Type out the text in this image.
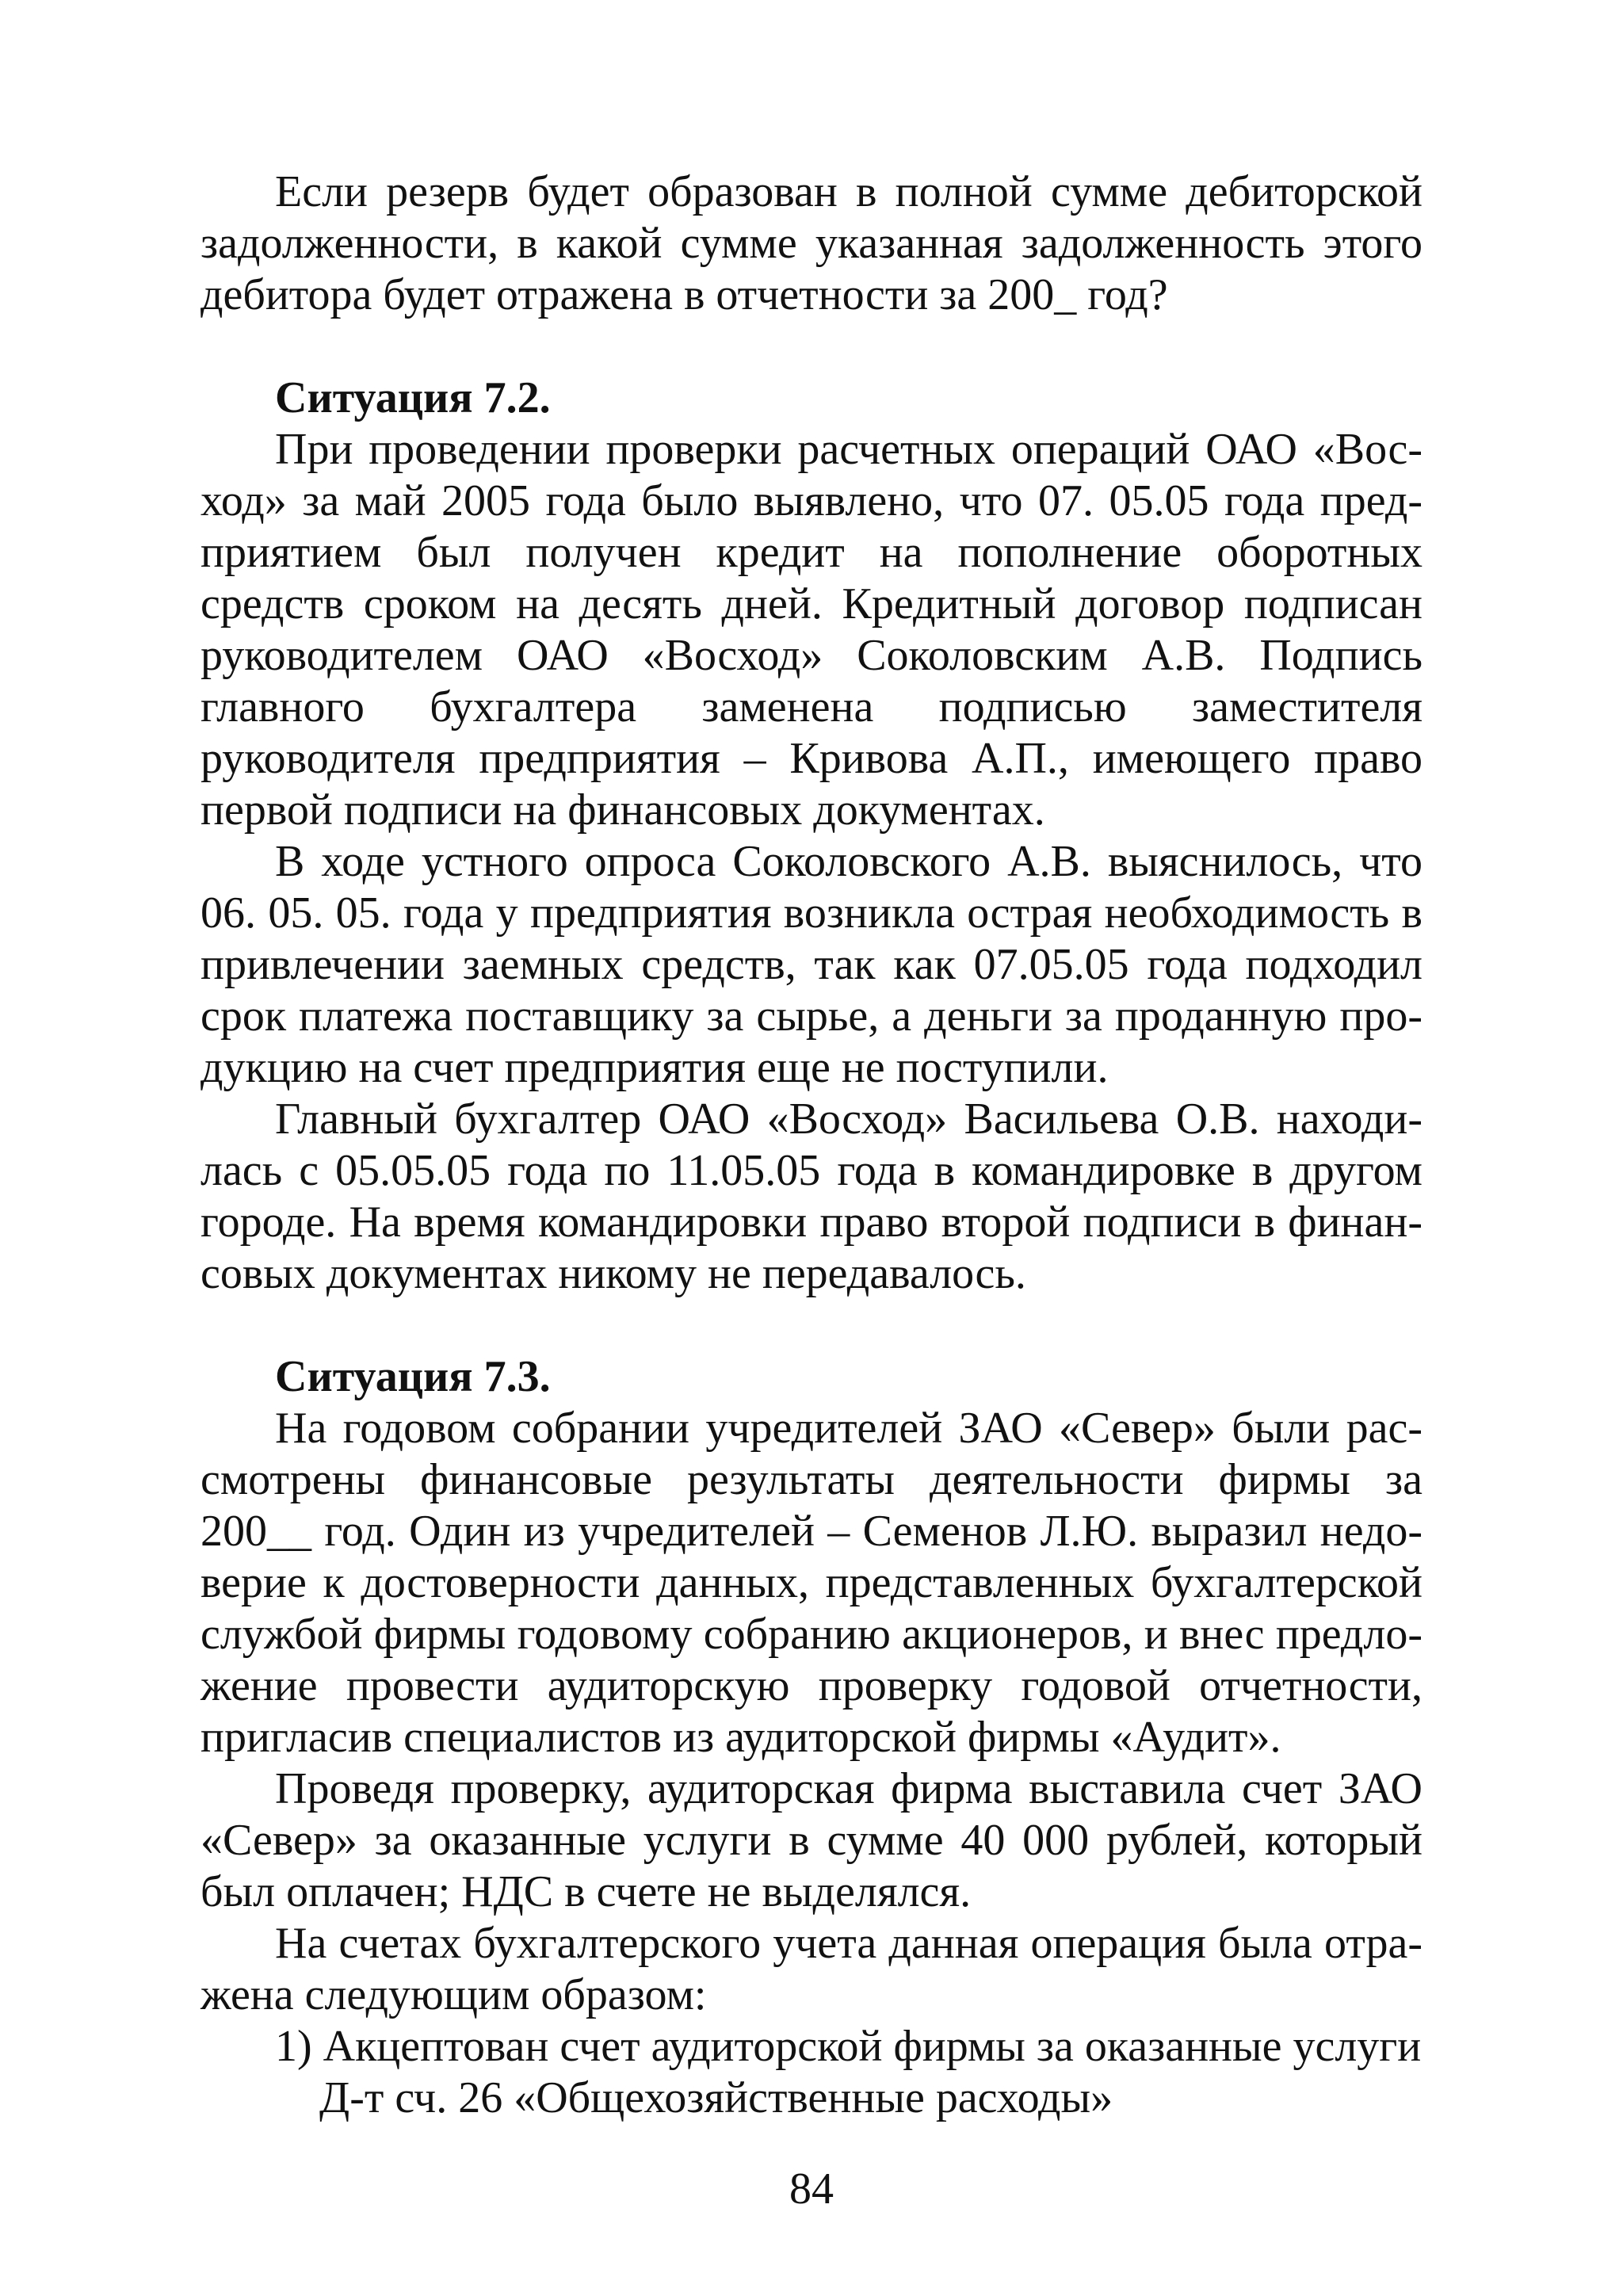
Если резерв будет образован в полной сумме дебиторской задолженности, в какой сумме указанная задолженность этого дебитора будет отражена в отчетности за 200_ год?

Ситуация 7.2.

При проведении проверки расчетных операций ОАО «Восход» за май 2005 года было выявлено, что 07. 05.05 года предприятием был получен кредит на пополнение оборотных средств сроком на десять дней. Кредитный договор подписан руководителем ОАО «Восход» Соколовским А.В. Подпись главного бухгалтера заменена подписью заместителя руководителя предприятия – Кривова А.П., имеющего право первой подписи на финансовых документах.

В ходе устного опроса Соколовского А.В. выяснилось, что 06. 05. 05. года у предприятия возникла острая необходимость в привлечении заемных средств, так как 07.05.05 года подходил срок платежа поставщику за сырье, а деньги за проданную продукцию на счет предприятия еще не поступили.

Главный бухгалтер ОАО «Восход» Васильева О.В. находилась с 05.05.05 года по 11.05.05 года в командировке в другом городе. На время командировки право второй подписи в финансовых документах никому не передавалось.

Ситуация 7.3.

На годовом собрании учредителей ЗАО «Север» были рассмотрены финансовые результаты деятельности фирмы за 200__ год. Один из учредителей – Семенов Л.Ю. выразил недоверие к достоверности данных, представленных бухгалтерской службой фирмы годовому собранию акционеров, и внес предложение провести аудиторскую проверку годовой отчетности, пригласив специалистов из аудиторской фирмы «Аудит».

Проведя проверку, аудиторская фирма выставила счет ЗАО «Север» за оказанные услуги в сумме 40 000 рублей, который был оплачен; НДС в счете не выделялся.

На счетах бухгалтерского учета данная операция была отражена следующим образом:

1) Акцептован счет аудиторской фирмы за оказанные услуги

Д-т сч. 26 «Общехозяйственные расходы»

84
